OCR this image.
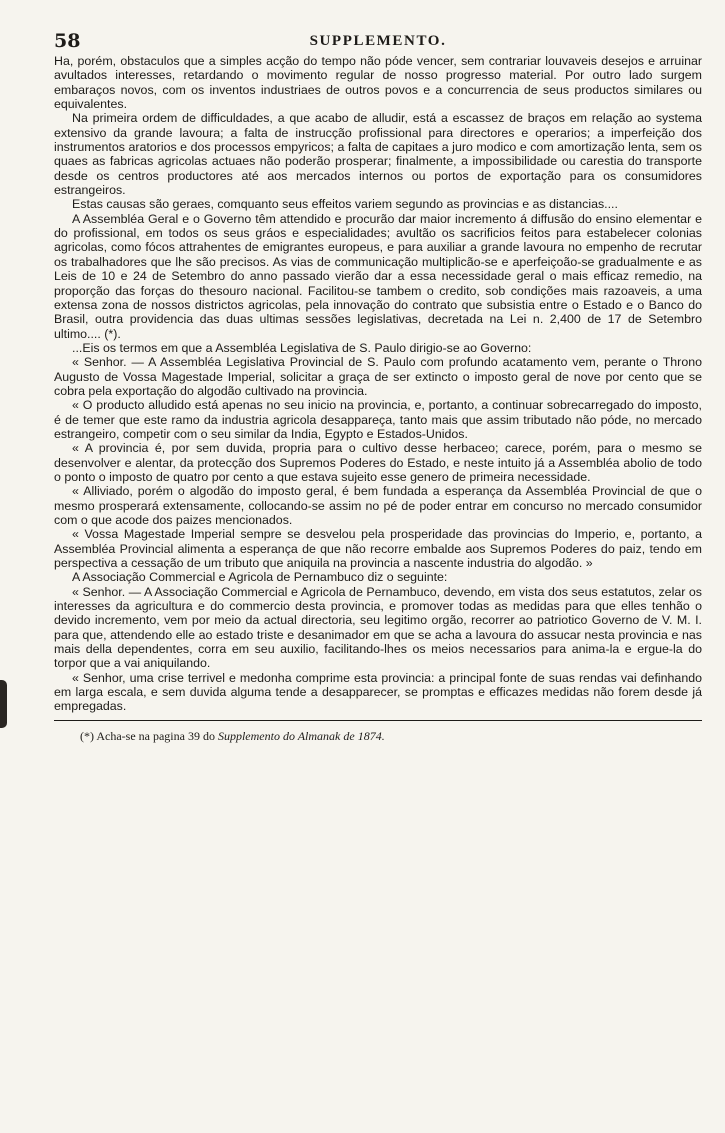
58	SUPPLEMENTO.

Ha, porém, obstaculos que a simples acção do tempo não póde vencer, sem contrariar louvaveis desejos e arruinar avultados interesses, retardando o movimento regular de nosso progresso material. Por outro lado surgem embaraços novos, com os inventos industriaes de outros povos e a concurrencia de seus productos similares ou equivalentes.

Na primeira ordem de difficuldades, a que acabo de alludir, está a escassez de braços em relação ao systema extensivo da grande lavoura; a falta de instrucção profissional para directores e operarios; a imperfeição dos instrumentos aratorios e dos processos empyricos; a falta de capitaes a juro modico e com amortização lenta, sem os quaes as fabricas agricolas actuaes não poderão prosperar; finalmente, a impossibilidade ou carestia do transporte desde os centros productores até aos mercados internos ou portos de exportação para os consumidores estrangeiros.

Estas causas são geraes, comquanto seus effeitos variem segundo as provincias e as distancias....

A Assembléa Geral e o Governo têm attendido e procurão dar maior incremento á diffusão do ensino elementar e do profissional, em todos os seus gráos e especialidades; avultão os sacrificios feitos para estabelecer colonias agricolas, como fócos attrahentes de emigrantes europeus, e para auxiliar a grande lavoura no empenho de recrutar os trabalhadores que lhe são precisos. As vias de communicação multiplicão-se e aperfeiçoão-se gradualmente e as Leis de 10 e 24 de Setembro do anno passado vierão dar a essa necessidade geral o mais efficaz remedio, na proporção das forças do thesouro nacional. Facilitou-se tambem o credito, sob condições mais razoaveis, a uma extensa zona de nossos districtos agricolas, pela innovação do contrato que subsistia entre o Estado e o Banco do Brasil, outra providencia das duas ultimas sessões legislativas, decretada na Lei n. 2,400 de 17 de Setembro ultimo.... (*).

...Eis os termos em que a Assembléa Legislativa de S. Paulo dirigio-se ao Governo:

« Senhor. — A Assembléa Legislativa Provincial de S. Paulo com profundo acatamento vem, perante o Throno Augusto de Vossa Magestade Imperial, solicitar a graça de ser extincto o imposto geral de nove por cento que se cobra pela exportação do algodão cultivado na provincia.

« O producto alludido está apenas no seu inicio na provincia, e, portanto, a continuar sobrecarregado do imposto, é de temer que este ramo da industria agricola desappareça, tanto mais que assim tributado não póde, no mercado estrangeiro, competir com o seu similar da India, Egypto e Estados-Unidos.

« A provincia é, por sem duvida, propria para o cultivo desse herbaceo; carece, porém, para o mesmo se desenvolver e alentar, da protecção dos Supremos Poderes do Estado, e neste intuito já a Assembléa abolio de todo o ponto o imposto de quatro por cento a que estava sujeito esse genero de primeira necessidade.

« Alliviado, porém o algodão do imposto geral, é bem fundada a esperança da Assembléa Provincial de que o mesmo prosperará extensamente, collocando-se assim no pé de poder entrar em concurso no mercado consumidor com o que acode dos paizes mencionados.

« Vossa Magestade Imperial sempre se desvelou pela prosperidade das provincias do Imperio, e, portanto, a Assembléa Provincial alimenta a esperança de que não recorre embalde aos Supremos Poderes do paiz, tendo em perspectiva a cessação de um tributo que aniquila na provincia a nascente industria do algodão. »

A Associação Commercial e Agricola de Pernambuco diz o seguinte:

« Senhor. — A Associação Commercial e Agricola de Pernambuco, devendo, em vista dos seus estatutos, zelar os interesses da agricultura e do commercio desta provincia, e promover todas as medidas para que elles tenhão o devido incremento, vem por meio da actual directoria, seu legitimo orgão, recorrer ao patriotico Governo de V. M. I. para que, attendendo elle ao estado triste e desanimador em que se acha a lavoura do assucar nesta provincia e nas mais della dependentes, corra em seu auxilio, facilitando-lhes os meios necessarios para anima-la e ergue-la do torpor que a vai aniquilando.

« Senhor, uma crise terrivel e medonha comprime esta provincia: a principal fonte de suas rendas vai definhando em larga escala, e sem duvida alguma tende a desapparecer, se promptas e efficazes medidas não forem desde já empregadas.

(*) Acha-se na pagina 39 do Supplemento do Almanak de 1874.
